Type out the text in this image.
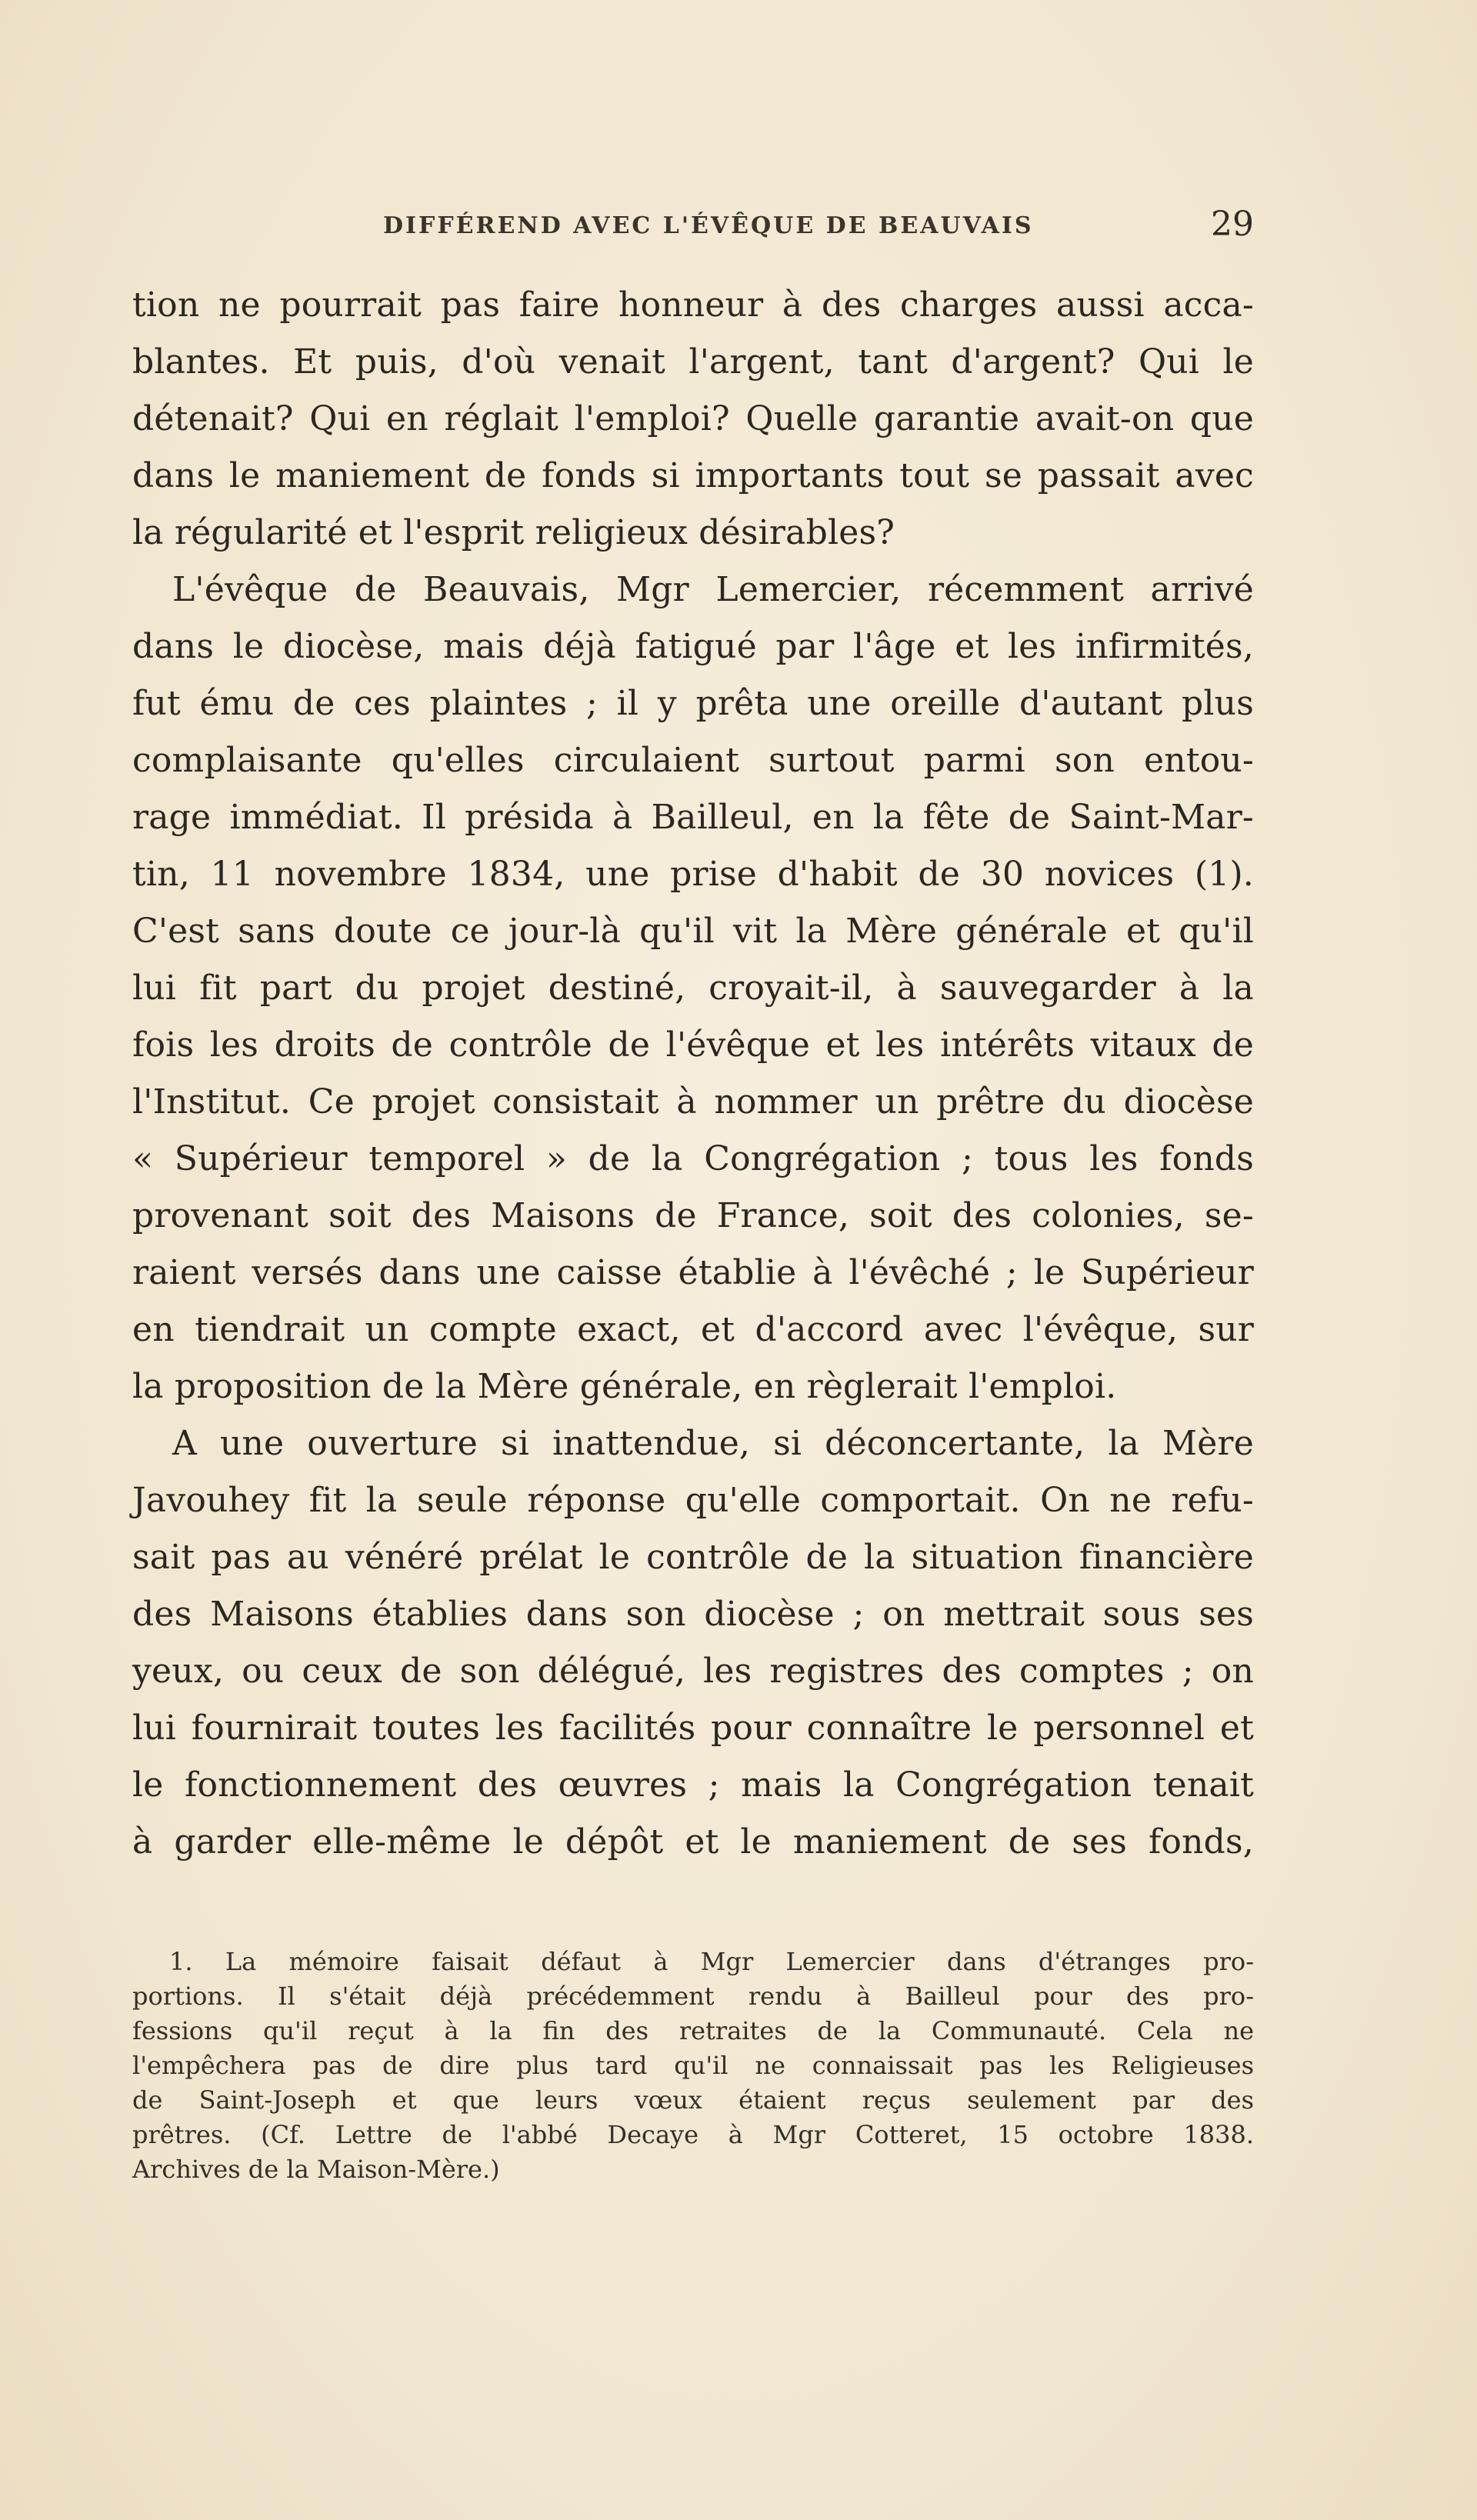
DIFFÉREND AVEC L'ÉVÊQUE DE BEAUVAIS	29
tion ne pourrait pas faire honneur à des charges aussi acca-
blantes. Et puis, d'où venait l'argent, tant d'argent? Qui le
détenait? Qui en réglait l'emploi? Quelle garantie avait-on que
dans le maniement de fonds si importants tout se passait avec
la régularité et l'esprit religieux désirables?
L'évêque de Beauvais, Mgr Lemercier, récemment arrivé
dans le diocèse, mais déjà fatigué par l'âge et les infirmités,
fut ému de ces plaintes ; il y prêta une oreille d'autant plus
complaisante qu'elles circulaient surtout parmi son entou-
rage immédiat. Il présida à Bailleul, en la fête de Saint-Mar-
tin, 11 novembre 1834, une prise d'habit de 30 novices (1).
C'est sans doute ce jour-là qu'il vit la Mère générale et qu'il
lui fit part du projet destiné, croyait-il, à sauvegarder à la
fois les droits de contrôle de l'évêque et les intérêts vitaux de
l'Institut. Ce projet consistait à nommer un prêtre du diocèse
« Supérieur temporel » de la Congrégation ; tous les fonds
provenant soit des Maisons de France, soit des colonies, se-
raient versés dans une caisse établie à l'évêché ; le Supérieur
en tiendrait un compte exact, et d'accord avec l'évêque, sur
la proposition de la Mère générale, en règlerait l'emploi.
A une ouverture si inattendue, si déconcertante, la Mère
Javouhey fit la seule réponse qu'elle comportait. On ne refu-
sait pas au vénéré prélat le contrôle de la situation financière
des Maisons établies dans son diocèse ; on mettrait sous ses
yeux, ou ceux de son délégué, les registres des comptes ; on
lui fournirait toutes les facilités pour connaître le personnel et
le fonctionnement des œuvres ; mais la Congrégation tenait
à garder elle-même le dépôt et le maniement de ses fonds,
1. La mémoire faisait défaut à Mgr Lemercier dans d'étranges pro-
portions. Il s'était déjà précédemment rendu à Bailleul pour des pro-
fessions qu'il reçut à la fin des retraites de la Communauté. Cela ne
l'empêchera pas de dire plus tard qu'il ne connaissait pas les Religieuses
de Saint-Joseph et que leurs vœux étaient reçus seulement par des
prêtres. (Cf. Lettre de l'abbé Decaye à Mgr Cotteret, 15 octobre 1838.
Archives de la Maison-Mère.)
